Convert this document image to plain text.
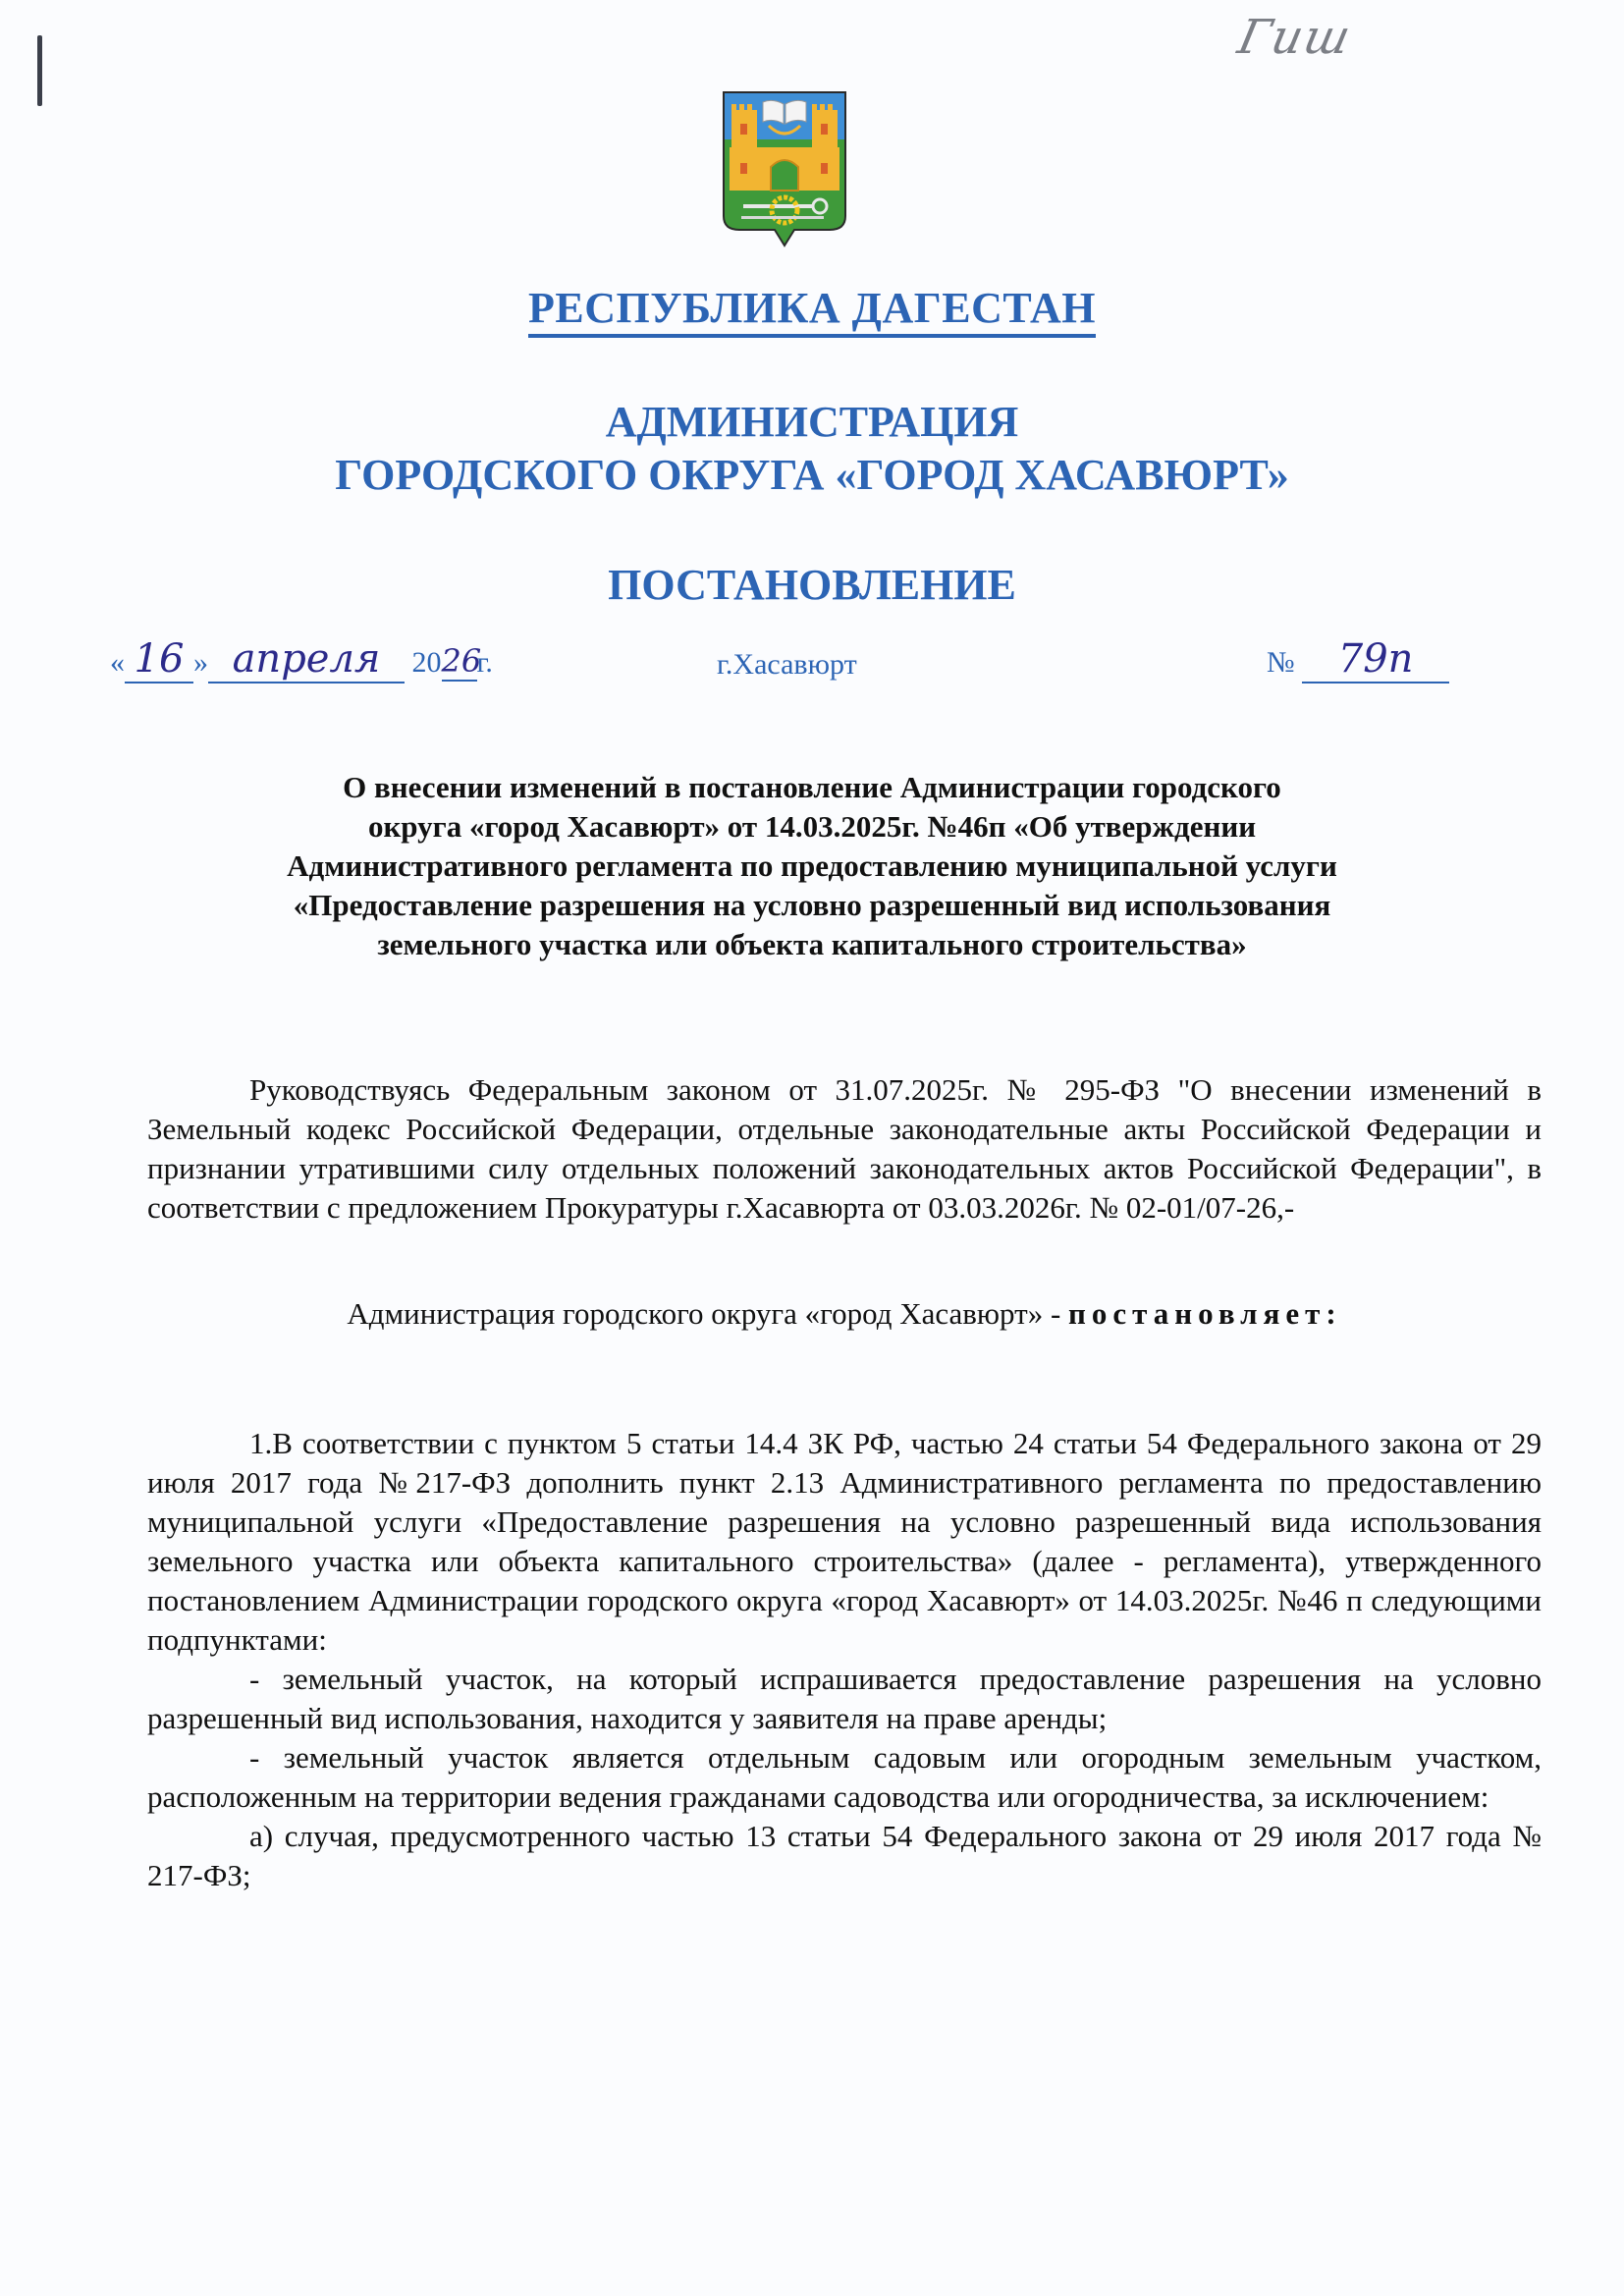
Гиш
РЕСПУБЛИКА ДАГЕСТАН
АДМИНИСТРАЦИЯ
ГОРОДСКОГО ОКРУГА «ГОРОД ХАСАВЮРТ»
ПОСТАНОВЛЕНИЕ
« 16 » апреля 2026г.	г.Хасавюрт	№ 79п
О внесении изменений в постановление Администрации городского
округа «город Хасавюрт» от 14.03.2025г. №46п «Об утверждении
Административного регламента по предоставлению муниципальной услуги
«Предоставление разрешения на условно разрешенный вид использования
земельного участка или объекта капитального строительства»

Руководствуясь Федеральным законом от 31.07.2025г. № 295-ФЗ "О внесении изменений в Земельный кодекс Российской Федерации, отдельные законодательные акты Российской Федерации и признании утратившими силу отдельных положений законодательных актов Российской Федерации", в соответствии с предложением Прокуратуры г.Хасавюрта от 03.03.2026г. № 02-01/07-26,-

Администрация городского округа «город Хасавюрт» - постановляет:

1.В соответствии с пунктом 5 статьи 14.4 ЗК РФ, частью 24 статьи 54 Федерального закона от 29 июля 2017 года №217-ФЗ дополнить пункт 2.13 Административного регламента по предоставлению муниципальной услуги «Предоставление разрешения на условно разрешенный вида использования земельного участка или объекта капитального строительства» (далее - регламента), утвержденного постановлением Администрации городского округа «город Хасавюрт» от 14.03.2025г. №46 п следующими подпунктами:

- земельный участок, на который испрашивается предоставление разрешения на условно разрешенный вид использования, находится у заявителя на праве аренды;

- земельный участок является отдельным садовым или огородным земельным участком, расположенным на территории ведения гражданами садоводства или огородничества, за исключением:

а) случая, предусмотренного частью 13 статьи 54 Федерального закона от 29 июля 2017 года № 217-ФЗ;
